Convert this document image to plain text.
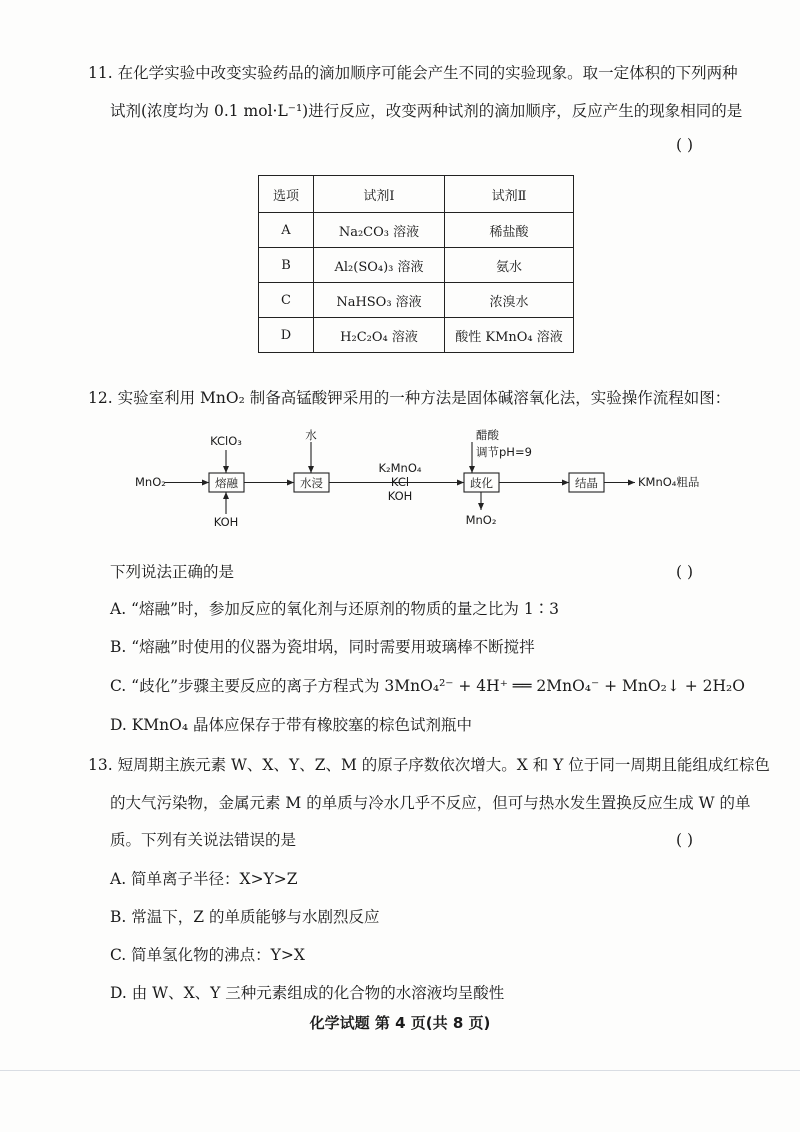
11. 在化学实验中改变实验药品的滴加顺序可能会产生不同的实验现象。取一定体积的下列两种
试剂(浓度均为 0.1 mol·L⁻¹)进行反应，改变两种试剂的滴加顺序，反应产生的现象相同的是
( )
选项	试剂Ⅰ	试剂Ⅱ
A	Na₂CO₃ 溶液	稀盐酸
B	Al₂(SO₄)₃ 溶液	氨水
C	NaHSO₃ 溶液	浓溴水
D	H₂C₂O₄ 溶液	酸性 KMnO₄ 溶液
12. 实验室利用 MnO₂ 制备高锰酸钾采用的一种方法是固体碱溶氧化法，实验操作流程如图：
MnO₂	熔融
KClO₃
KOH
水浸
水
K₂MnO₄
KCl
KOH
歧化
醋酸
调节pH=9
MnO₂
结晶	KMnO₄粗品
下列说法正确的是	( )
A. “熔融”时，参加反应的氧化剂与还原剂的物质的量之比为 1∶3
B. “熔融”时使用的仪器为瓷坩埚，同时需要用玻璃棒不断搅拌
C. “歧化”步骤主要反应的离子方程式为 3MnO₄²⁻ + 4H⁺ ══ 2MnO₄⁻ + MnO₂↓ + 2H₂O
D. KMnO₄ 晶体应保存于带有橡胶塞的棕色试剂瓶中
13. 短周期主族元素 W、X、Y、Z、M 的原子序数依次增大。X 和 Y 位于同一周期且能组成红棕色
的大气污染物，金属元素 M 的单质与冷水几乎不反应，但可与热水发生置换反应生成 W 的单
质。下列有关说法错误的是	( )
A. 简单离子半径：X>Y>Z
B. 常温下，Z 的单质能够与水剧烈反应
C. 简单氢化物的沸点：Y>X
D. 由 W、X、Y 三种元素组成的化合物的水溶液均呈酸性
化学试题 第 4 页(共 8 页)
